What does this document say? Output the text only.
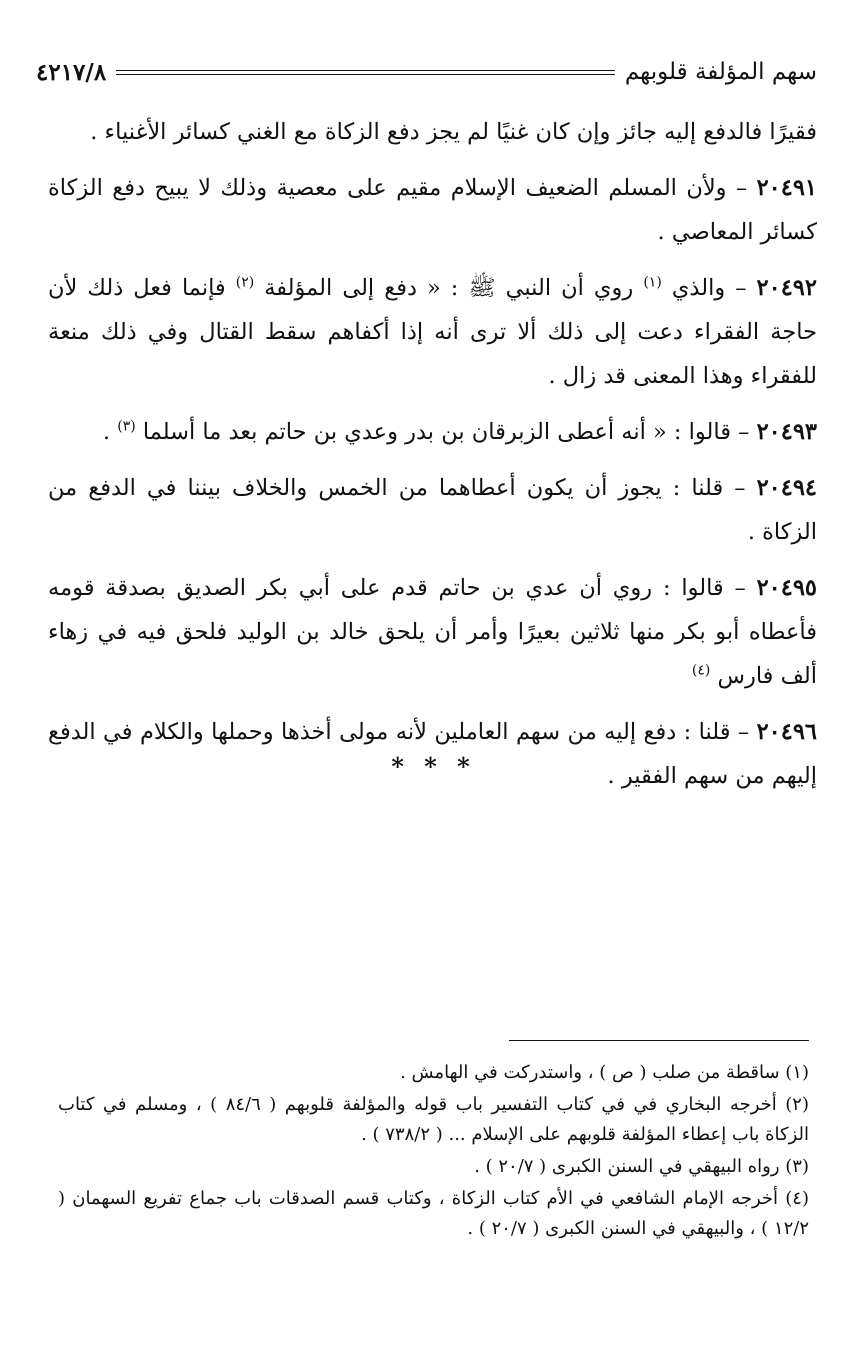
سهم المؤلفة قلوبهم
٤٢١٧/٨

فقيرًا فالدفع إليه جائز وإن كان غنيًا لم يجز دفع الزكاة مع الغني كسائر الأغنياء .

٢٠٤٩١ – ولأن المسلم الضعيف الإسلام مقيم على معصية وذلك لا يبيح دفع الزكاة كسائر المعاصي .

٢٠٤٩٢ – والذي $^{(١)}$ روي أن النبي ﷺ : « دفع إلى المؤلفة $^{(٢)}$ فإنما فعل ذلك لأن حاجة الفقراء دعت إلى ذلك ألا ترى أنه إذا أكفاهم سقط القتال وفي ذلك منعة للفقراء وهذا المعنى قد زال .

٢٠٤٩٣ – قالوا : « أنه أعطى الزبرقان بن بدر وعدي بن حاتم بعد ما أسلما $^{(٣)}$ .

٢٠٤٩٤ – قلنا : يجوز أن يكون أعطاهما من الخمس والخلاف بيننا في الدفع من الزكاة .

٢٠٤٩٥ – قالوا : روي أن عدي بن حاتم قدم على أبي بكر الصديق بصدقة قومه فأعطاه أبو بكر منها ثلاثين بعيرًا وأمر أن يلحق خالد بن الوليد فلحق فيه في زهاء ألف فارس $^{(٤)}$

٢٠٤٩٦ – قلنا : دفع إليه من سهم العاملين لأنه مولى أخذها وحملها والكلام في الدفع إليهم من سهم الفقير .

* * *

(١) ساقطة من صلب ( ص ) ، واستدركت في الهامش .

(٢) أخرجه البخاري في في كتاب التفسير باب قوله والمؤلفة قلوبهم ( ٨٤/٦ ) ، ومسلم في كتاب الزكاة باب إعطاء المؤلفة قلوبهم على الإسلام ... ( ٧٣٨/٢ ) .

(٣) رواه البيهقي في السنن الكبرى ( ٢٠/٧ ) .

(٤) أخرجه الإمام الشافعي في الأم كتاب الزكاة ، وكتاب قسم الصدقات باب جماع تفريع السهمان ( ١٢/٢ ) ، والبيهقي في السنن الكبرى ( ٢٠/٧ ) .
